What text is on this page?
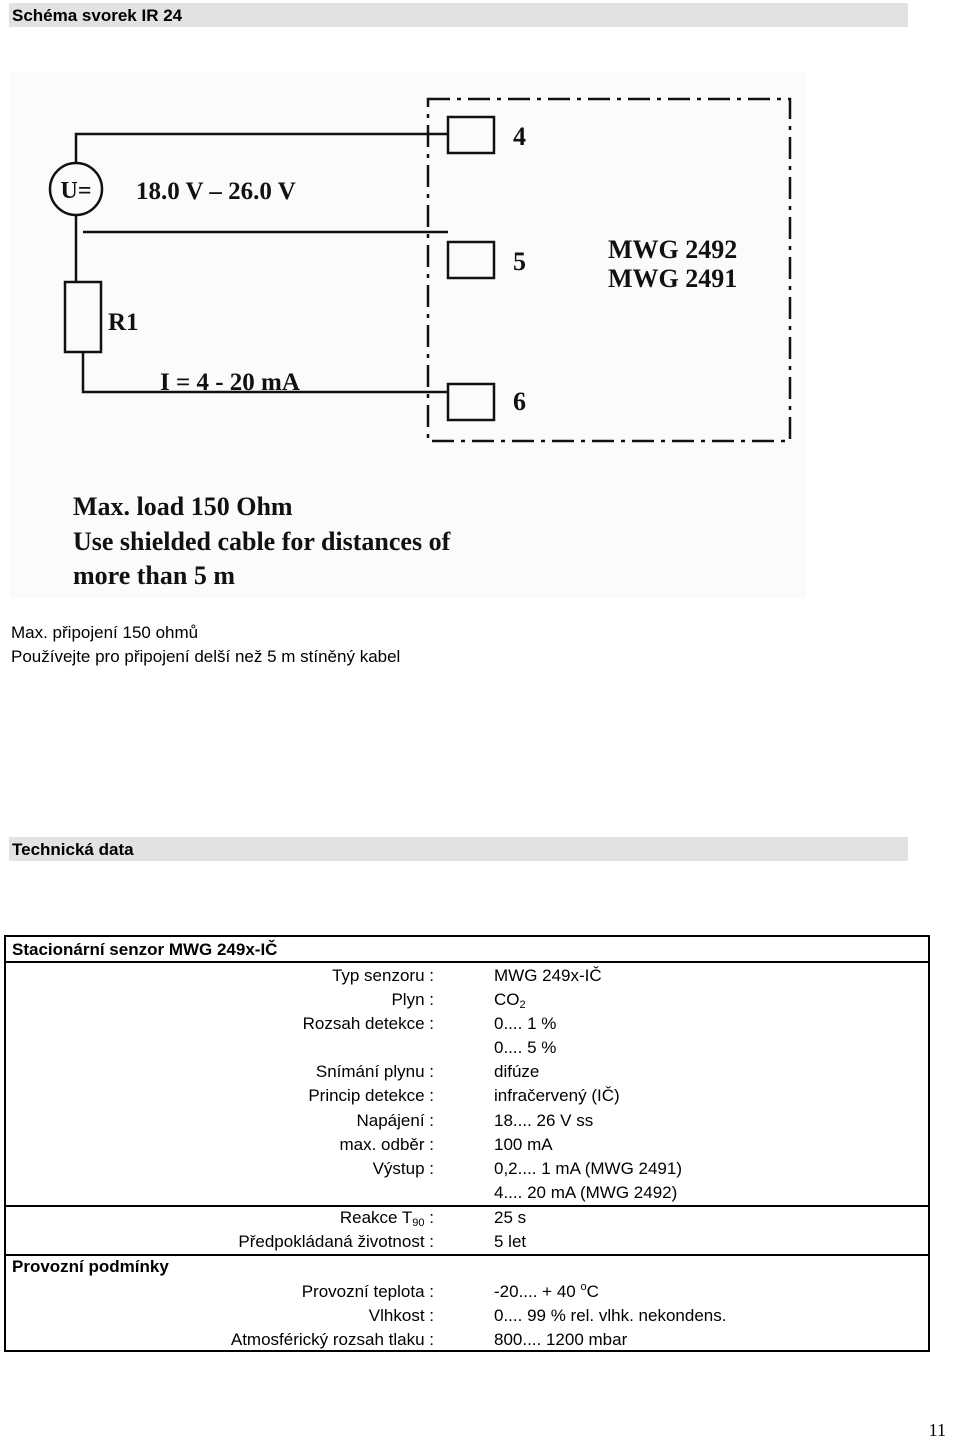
Schéma svorek IR 24
U= 18.0 V – 26.0 V
R1
I = 4 - 20 mA
4
5
6
MWG 2492
MWG 2491
Max. load 150 Ohm
Use shielded cable for distances of
more than 5 m
Max. připojení 150 ohmů
Používejte pro připojení delší než 5 m stíněný kabel
Technická data
Stacionární senzor MWG 249x-IČ
Typ senzoru :	MWG 249x-IČ
Plyn :	$CO_2$
Rozsah detekce :	0.... 1 %
0.... 5 %
Snímání plynu :	difúze
Princip detekce :	infračervený (IČ)
Napájení :	18.... 26 V ss
max. odběr :	100 mA
Výstup :	0,2.... 1 mA (MWG 2491)
4.... 20 mA (MWG 2492)
Reakce $T_{90}$ :	25 s
Předpokládaná životnost :	5 let
Provozní podmínky
Provozní teplota :	-20.... + 40 $^o$C
Vlhkost :	0.... 99 % rel. vlhk. nekondens.
Atmosférický rozsah tlaku :	800.... 1200 mbar
11
